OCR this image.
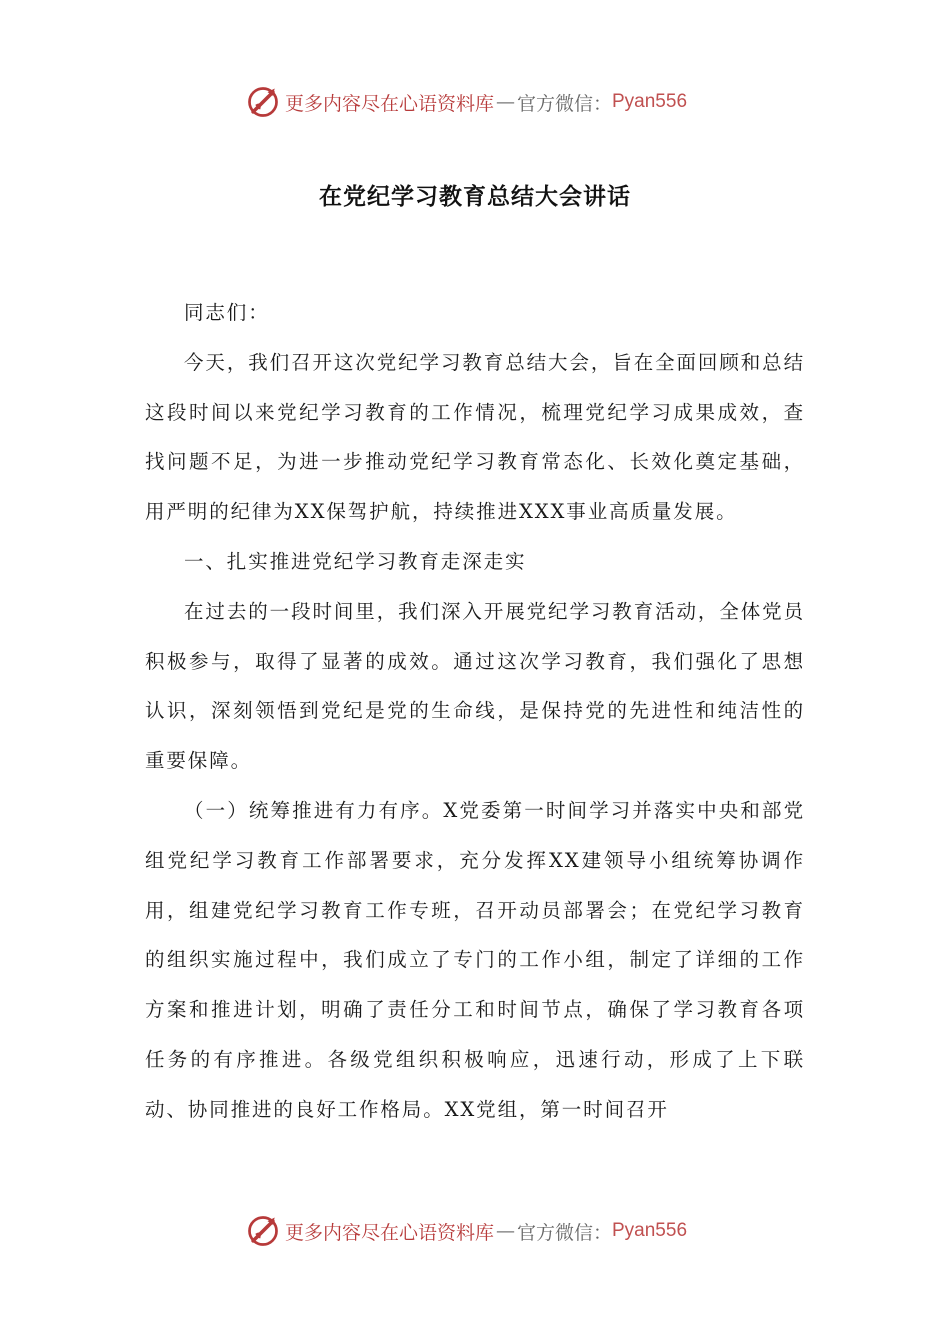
更多内容尽在心语资料库 — 官方微信： Pyan556
在党纪学习教育总结大会讲话

同志们：

今天，我们召开这次党纪学习教育总结大会，旨在全面回顾和总结这段时间以来党纪学习教育的工作情况，梳理党纪学习成果成效，查找问题不足，为进一步推动党纪学习教育常态化、长效化奠定基础，用严明的纪律为XX保驾护航，持续推进XXX事业高质量发展。

一、扎实推进党纪学习教育走深走实

在过去的一段时间里，我们深入开展党纪学习教育活动，全体党员积极参与，取得了显著的成效。通过这次学习教育，我们强化了思想认识，深刻领悟到党纪是党的生命线，是保持党的先进性和纯洁性的重要保障。

（一）统筹推进有力有序。X党委第一时间学习并落实中央和部党组党纪学习教育工作部署要求，充分发挥XX建领导小组统筹协调作用，组建党纪学习教育工作专班，召开动员部署会；在党纪学习教育的组织实施过程中，我们成立了专门的工作小组，制定了详细的工作方案和推进计划，明确了责任分工和时间节点，确保了学习教育各项任务的有序推进。各级党组织积极响应，迅速行动，形成了上下联动、协同推进的良好工作格局。XX党组，第一时间召开

更多内容尽在心语资料库 — 官方微信： Pyan556
